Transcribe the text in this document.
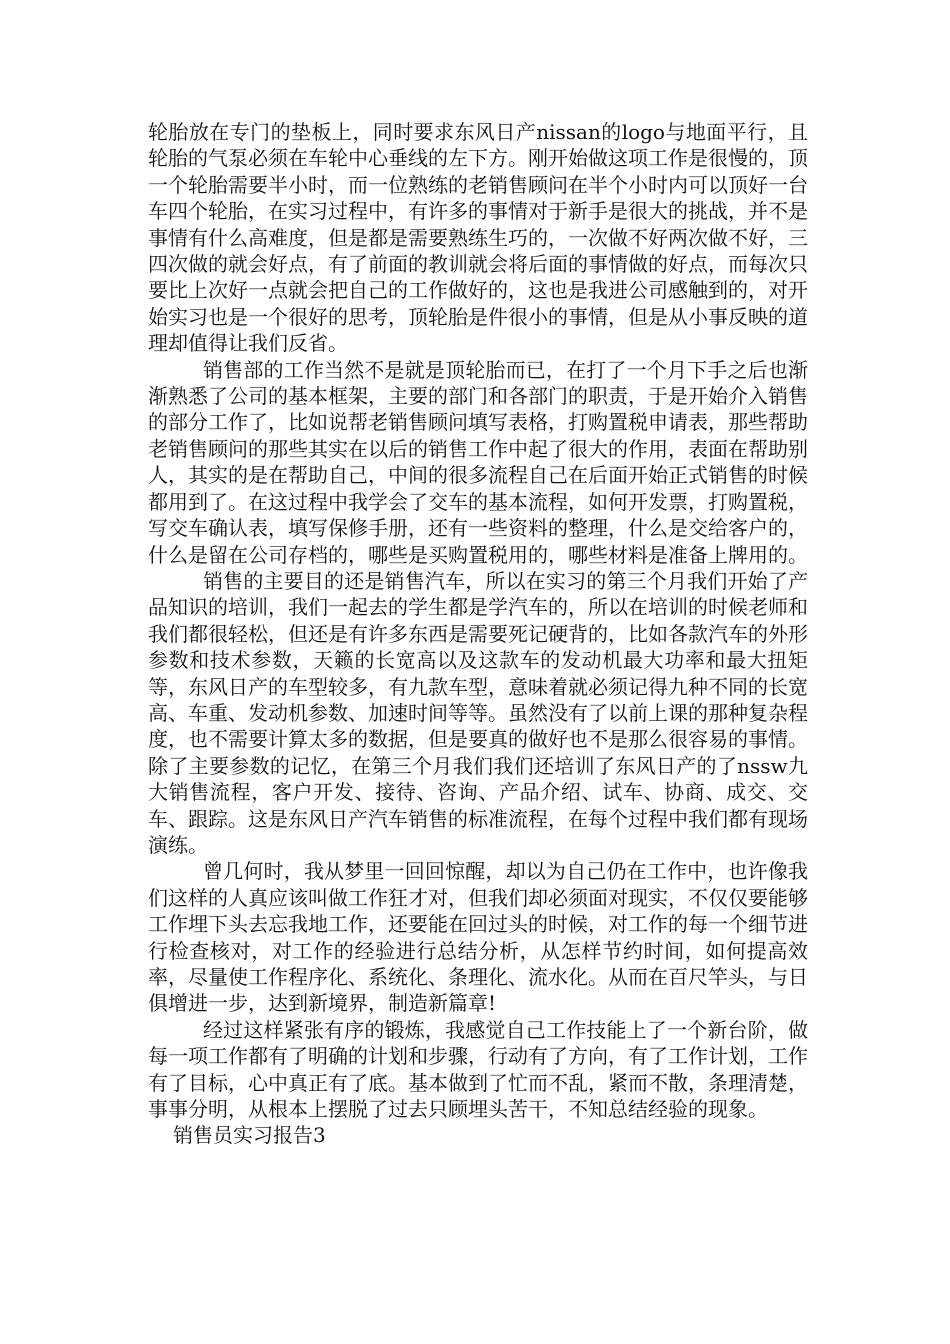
轮胎放在专门的垫板上，同时要求东风日产nissan的logo与地面平行，且轮胎的气泵必须在车轮中心垂线的左下方。刚开始做这项工作是很慢的，顶一个轮胎需要半小时，而一位熟练的老销售顾问在半个小时内可以顶好一台车四个轮胎，在实习过程中，有许多的事情对于新手是很大的挑战，并不是事情有什么高难度，但是都是需要熟练生巧的，一次做不好两次做不好，三四次做的就会好点，有了前面的教训就会将后面的事情做的好点，而每次只要比上次好一点就会把自己的工作做好的，这也是我进公司感触到的，对开始实习也是一个很好的思考，顶轮胎是件很小的事情，但是从小事反映的道理却值得让我们反省。

销售部的工作当然不是就是顶轮胎而已，在打了一个月下手之后也渐渐熟悉了公司的基本框架，主要的部门和各部门的职责，于是开始介入销售的部分工作了，比如说帮老销售顾问填写表格，打购置税申请表，那些帮助老销售顾问的那些其实在以后的销售工作中起了很大的作用，表面在帮助别人，其实的是在帮助自己，中间的很多流程自己在后面开始正式销售的时候都用到了。在这过程中我学会了交车的基本流程，如何开发票，打购置税，写交车确认表，填写保修手册，还有一些资料的整理，什么是交给客户的，什么是留在公司存档的，哪些是买购置税用的，哪些材料是准备上牌用的。

销售的主要目的还是销售汽车，所以在实习的第三个月我们开始了产品知识的培训，我们一起去的学生都是学汽车的，所以在培训的时候老师和我们都很轻松，但还是有许多东西是需要死记硬背的，比如各款汽车的外形参数和技术参数，天籁的长宽高以及这款车的发动机最大功率和最大扭矩等，东风日产的车型较多，有九款车型，意味着就必须记得九种不同的长宽高、车重、发动机参数、加速时间等等。虽然没有了以前上课的那种复杂程度，也不需要计算太多的数据，但是要真的做好也不是那么很容易的事情。除了主要参数的记忆，在第三个月我们我们还培训了东风日产的了nssw九大销售流程，客户开发、接待、咨询、产品介绍、试车、协商、成交、交车、跟踪。这是东风日产汽车销售的标准流程，在每个过程中我们都有现场演练。

曾几何时，我从梦里一回回惊醒，却以为自己仍在工作中，也许像我们这样的人真应该叫做工作狂才对，但我们却必须面对现实，不仅仅要能够工作埋下头去忘我地工作，还要能在回过头的时候，对工作的每一个细节进行检查核对，对工作的经验进行总结分析，从怎样节约时间，如何提高效率，尽量使工作程序化、系统化、条理化、流水化。从而在百尺竿头，与日俱增进一步，达到新境界，制造新篇章!

经过这样紧张有序的锻炼，我感觉自己工作技能上了一个新台阶，做每一项工作都有了明确的计划和步骤，行动有了方向，有了工作计划，工作有了目标，心中真正有了底。基本做到了忙而不乱，紧而不散，条理清楚，事事分明，从根本上摆脱了过去只顾埋头苦干，不知总结经验的现象。

销售员实习报告3
